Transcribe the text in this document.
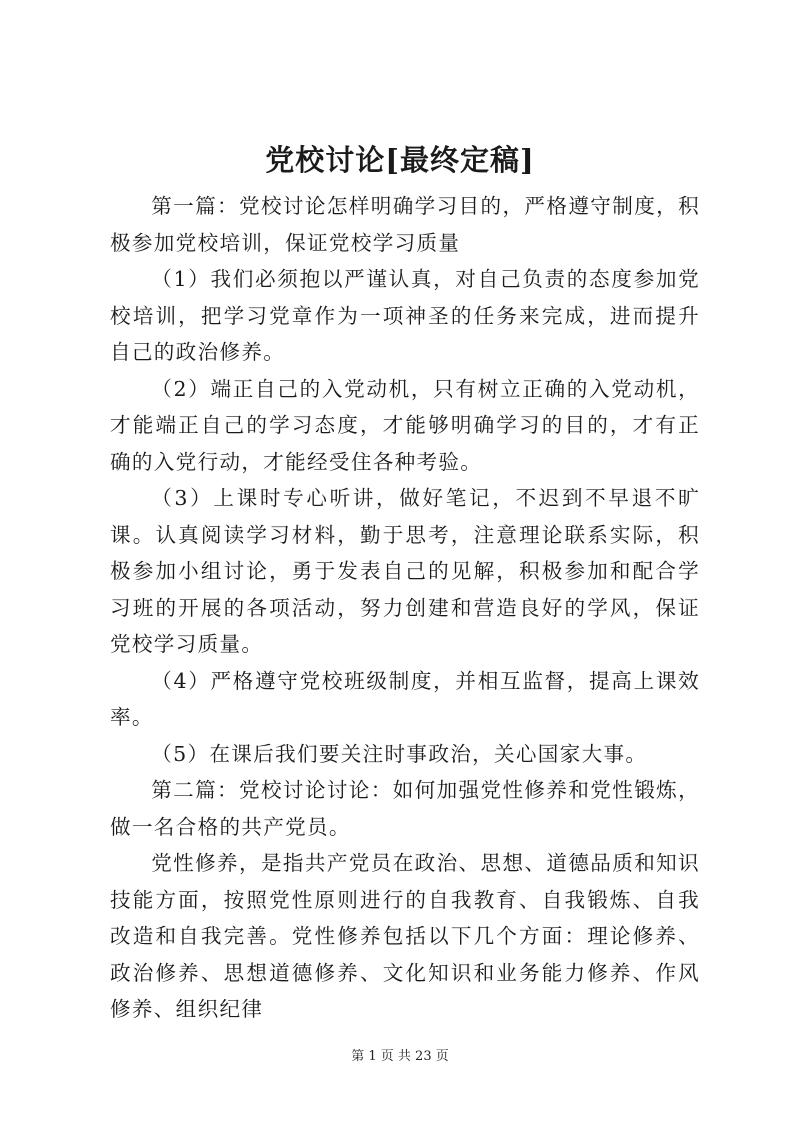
党校讨论[最终定稿]

第一篇：党校讨论怎样明确学习目的，严格遵守制度，积极参加党校培训，保证党校学习质量

（1）我们必须抱以严谨认真，对自己负责的态度参加党校培训，把学习党章作为一项神圣的任务来完成，进而提升自己的政治修养。

（2）端正自己的入党动机，只有树立正确的入党动机，才能端正自己的学习态度，才能够明确学习的目的，才有正确的入党行动，才能经受住各种考验。

（3）上课时专心听讲，做好笔记，不迟到不早退不旷课。认真阅读学习材料，勤于思考，注意理论联系实际，积极参加小组讨论，勇于发表自己的见解，积极参加和配合学习班的开展的各项活动，努力创建和营造良好的学风，保证党校学习质量。

（4）严格遵守党校班级制度，并相互监督，提高上课效率。

（5）在课后我们要关注时事政治，关心国家大事。

第二篇：党校讨论讨论：如何加强党性修养和党性锻炼，做一名合格的共产党员。

党性修养，是指共产党员在政治、思想、道德品质和知识技能方面，按照党性原则进行的自我教育、自我锻炼、自我改造和自我完善。党性修养包括以下几个方面：理论修养、政治修养、思想道德修养、文化知识和业务能力修养、作风修养、组织纪律

第 1 页 共 23 页
